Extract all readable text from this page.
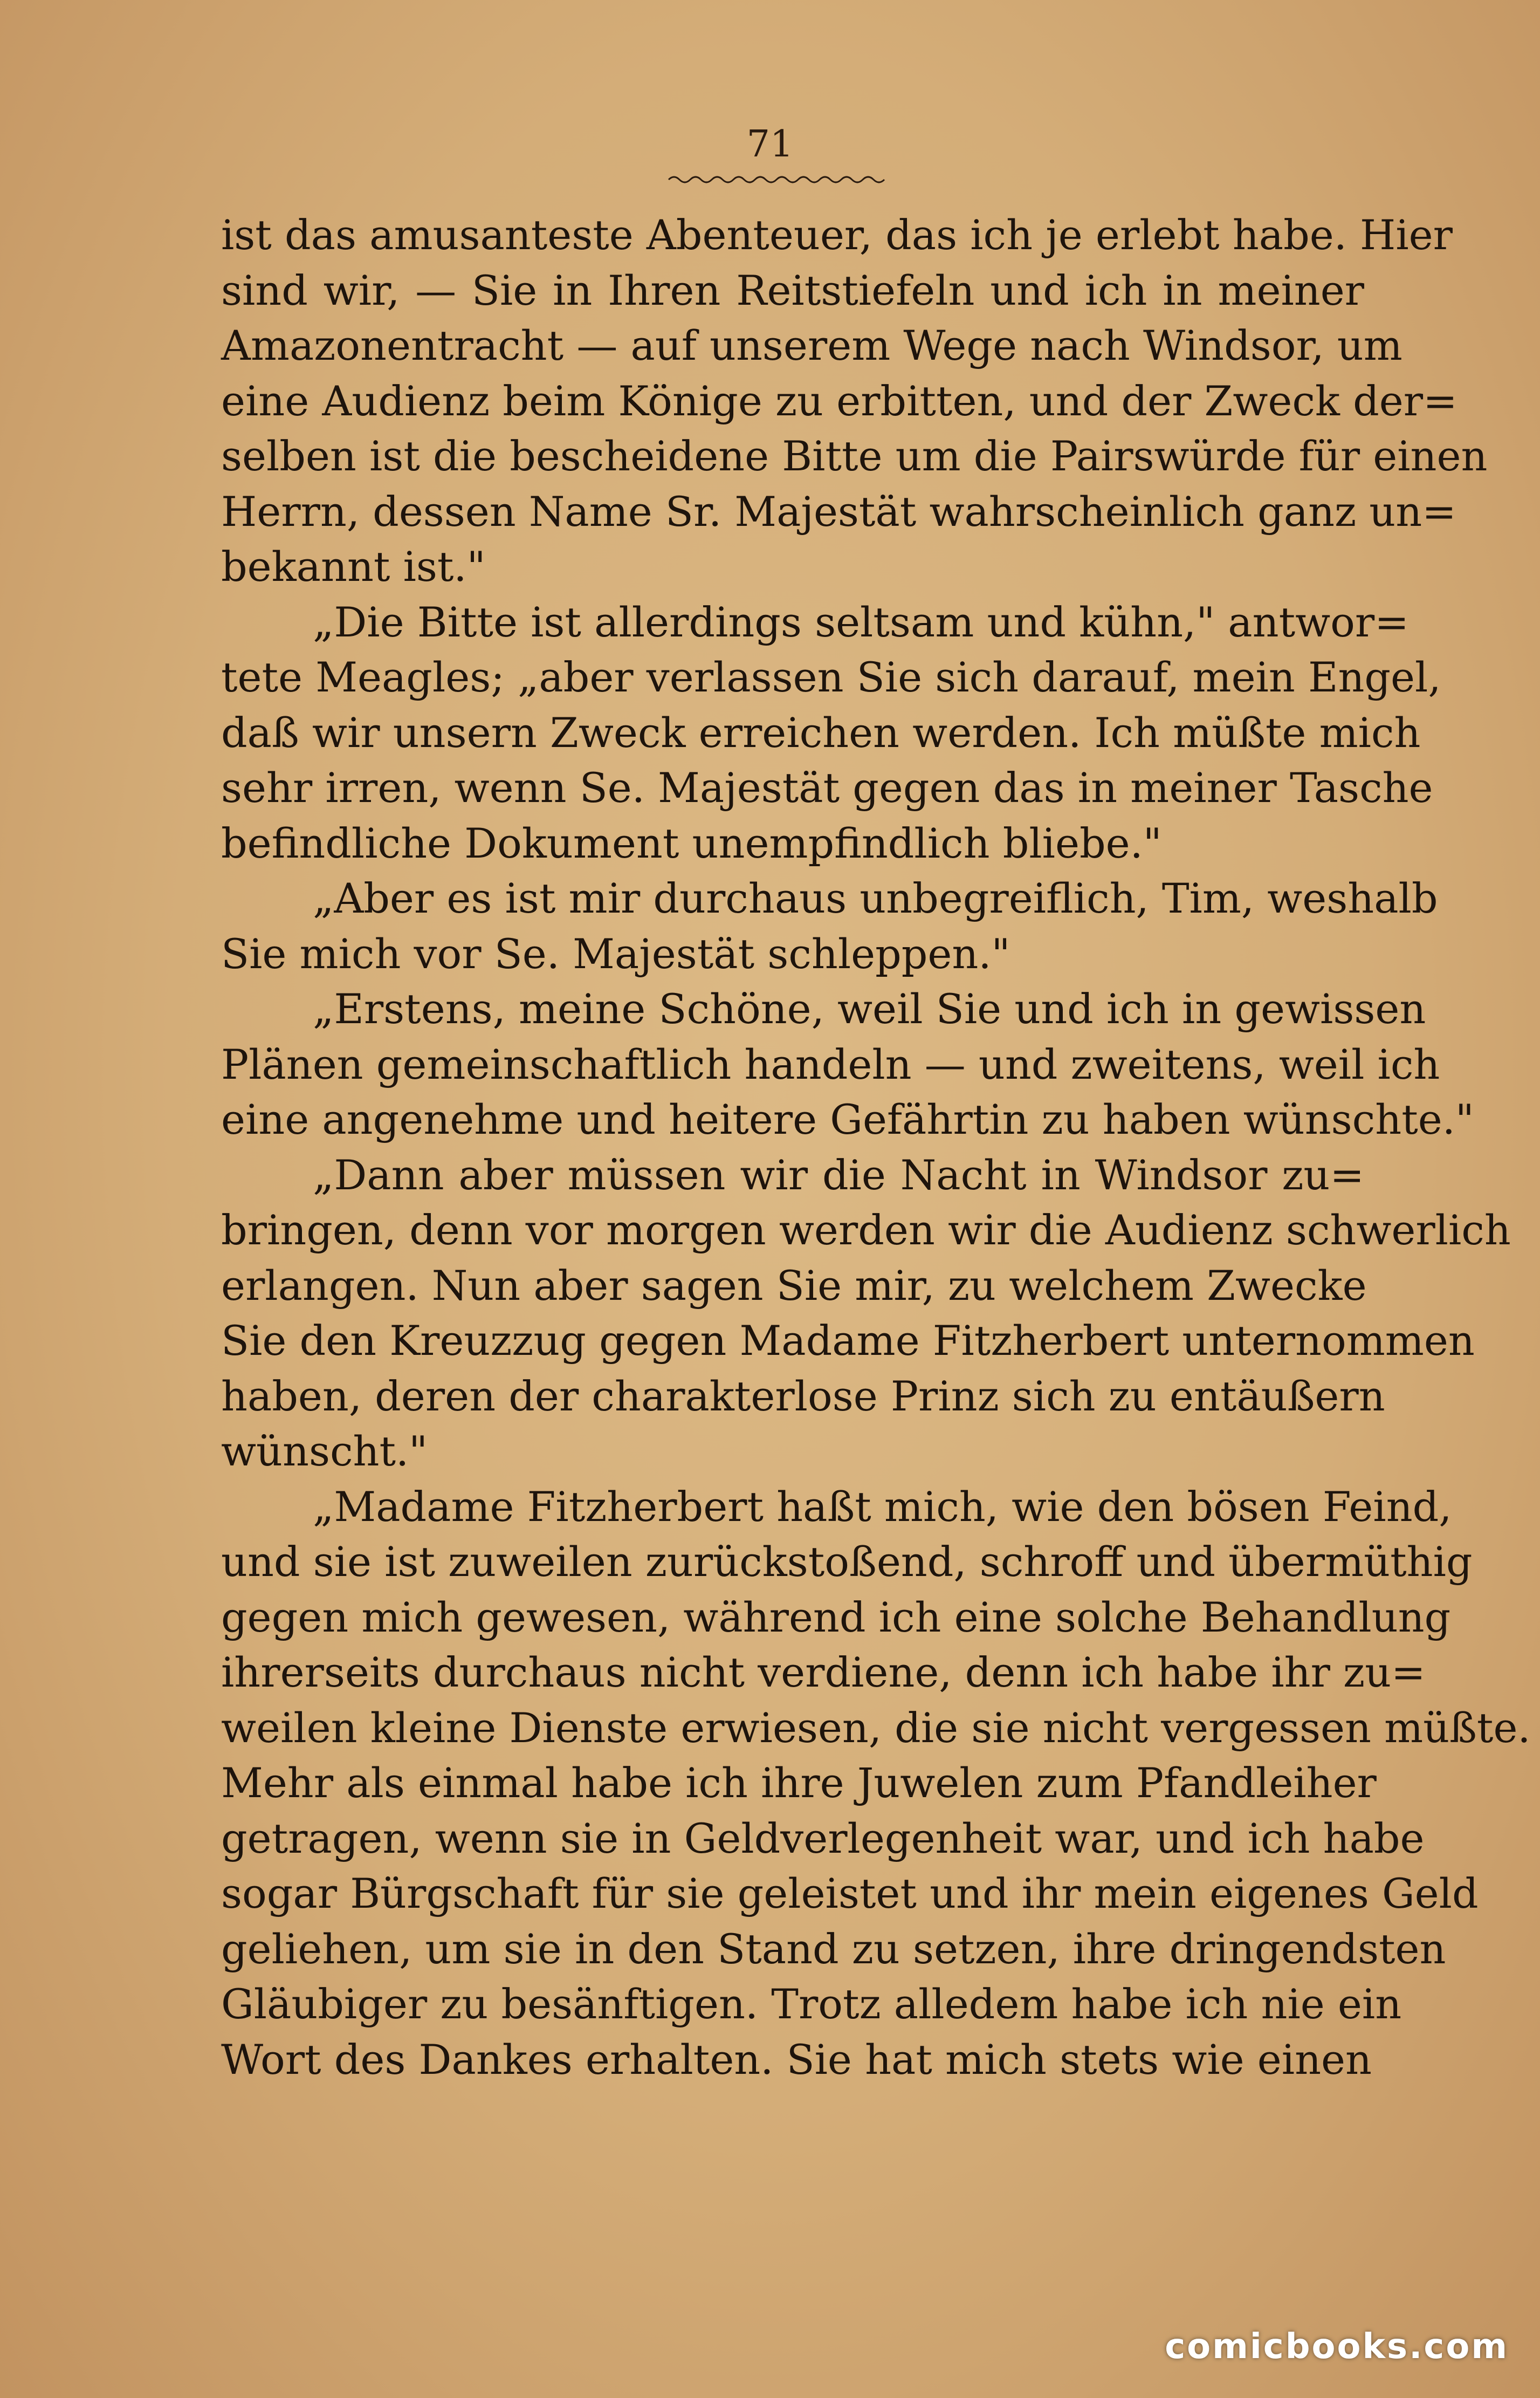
71
ist das amusanteste Abenteuer, das ich je erlebt habe. Hier
sind wir, — Sie in Ihren Reitstiefeln und ich in meiner
Amazonentracht — auf unserem Wege nach Windsor, um
eine Audienz beim Könige zu erbitten, und der Zweck der=
selben ist die bescheidene Bitte um die Pairswürde für einen
Herrn, dessen Name Sr. Majestät wahrscheinlich ganz un=
bekannt ist."
„Die Bitte ist allerdings seltsam und kühn," antwor=
tete Meagles; „aber verlassen Sie sich darauf, mein Engel,
daß wir unsern Zweck erreichen werden. Ich müßte mich
sehr irren, wenn Se. Majestät gegen das in meiner Tasche
befindliche Dokument unempfindlich bliebe."
„Aber es ist mir durchaus unbegreiflich, Tim, weshalb
Sie mich vor Se. Majestät schleppen."
„Erstens, meine Schöne, weil Sie und ich in gewissen
Plänen gemeinschaftlich handeln — und zweitens, weil ich
eine angenehme und heitere Gefährtin zu haben wünschte."
„Dann aber müssen wir die Nacht in Windsor zu=
bringen, denn vor morgen werden wir die Audienz schwerlich
erlangen. Nun aber sagen Sie mir, zu welchem Zwecke
Sie den Kreuzzug gegen Madame Fitzherbert unternommen
haben, deren der charakterlose Prinz sich zu entäußern
wünscht."
„Madame Fitzherbert haßt mich, wie den bösen Feind,
und sie ist zuweilen zurückstoßend, schroff und übermüthig
gegen mich gewesen, während ich eine solche Behandlung
ihrerseits durchaus nicht verdiene, denn ich habe ihr zu=
weilen kleine Dienste erwiesen, die sie nicht vergessen müßte.
Mehr als einmal habe ich ihre Juwelen zum Pfandleiher
getragen, wenn sie in Geldverlegenheit war, und ich habe
sogar Bürgschaft für sie geleistet und ihr mein eigenes Geld
geliehen, um sie in den Stand zu setzen, ihre dringendsten
Gläubiger zu besänftigen. Trotz alledem habe ich nie ein
Wort des Dankes erhalten. Sie hat mich stets wie einen
comicbooks.com
